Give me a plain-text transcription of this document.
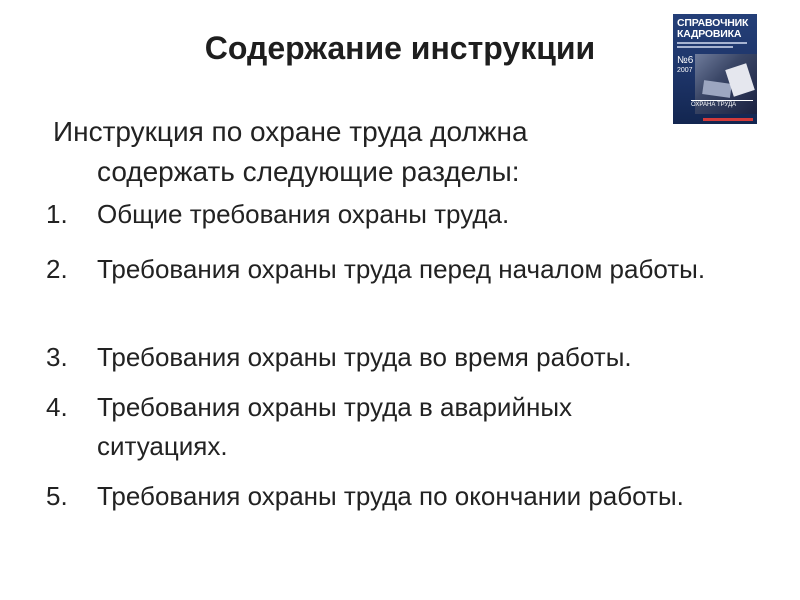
Содержание инструкции
СПРАВОЧНИК КАДРОВИКА
№6
2007
ОХРАНА ТРУДА
Инструкция по охране труда должна содержать следующие разделы:
1.	Общие требования охраны труда.
2.	Требования охраны труда перед началом работы.
3.	Требования охраны труда во время работы.
4.	Требования охраны труда в аварийных ситуациях.
5.	Требования охраны труда по окончании работы.
